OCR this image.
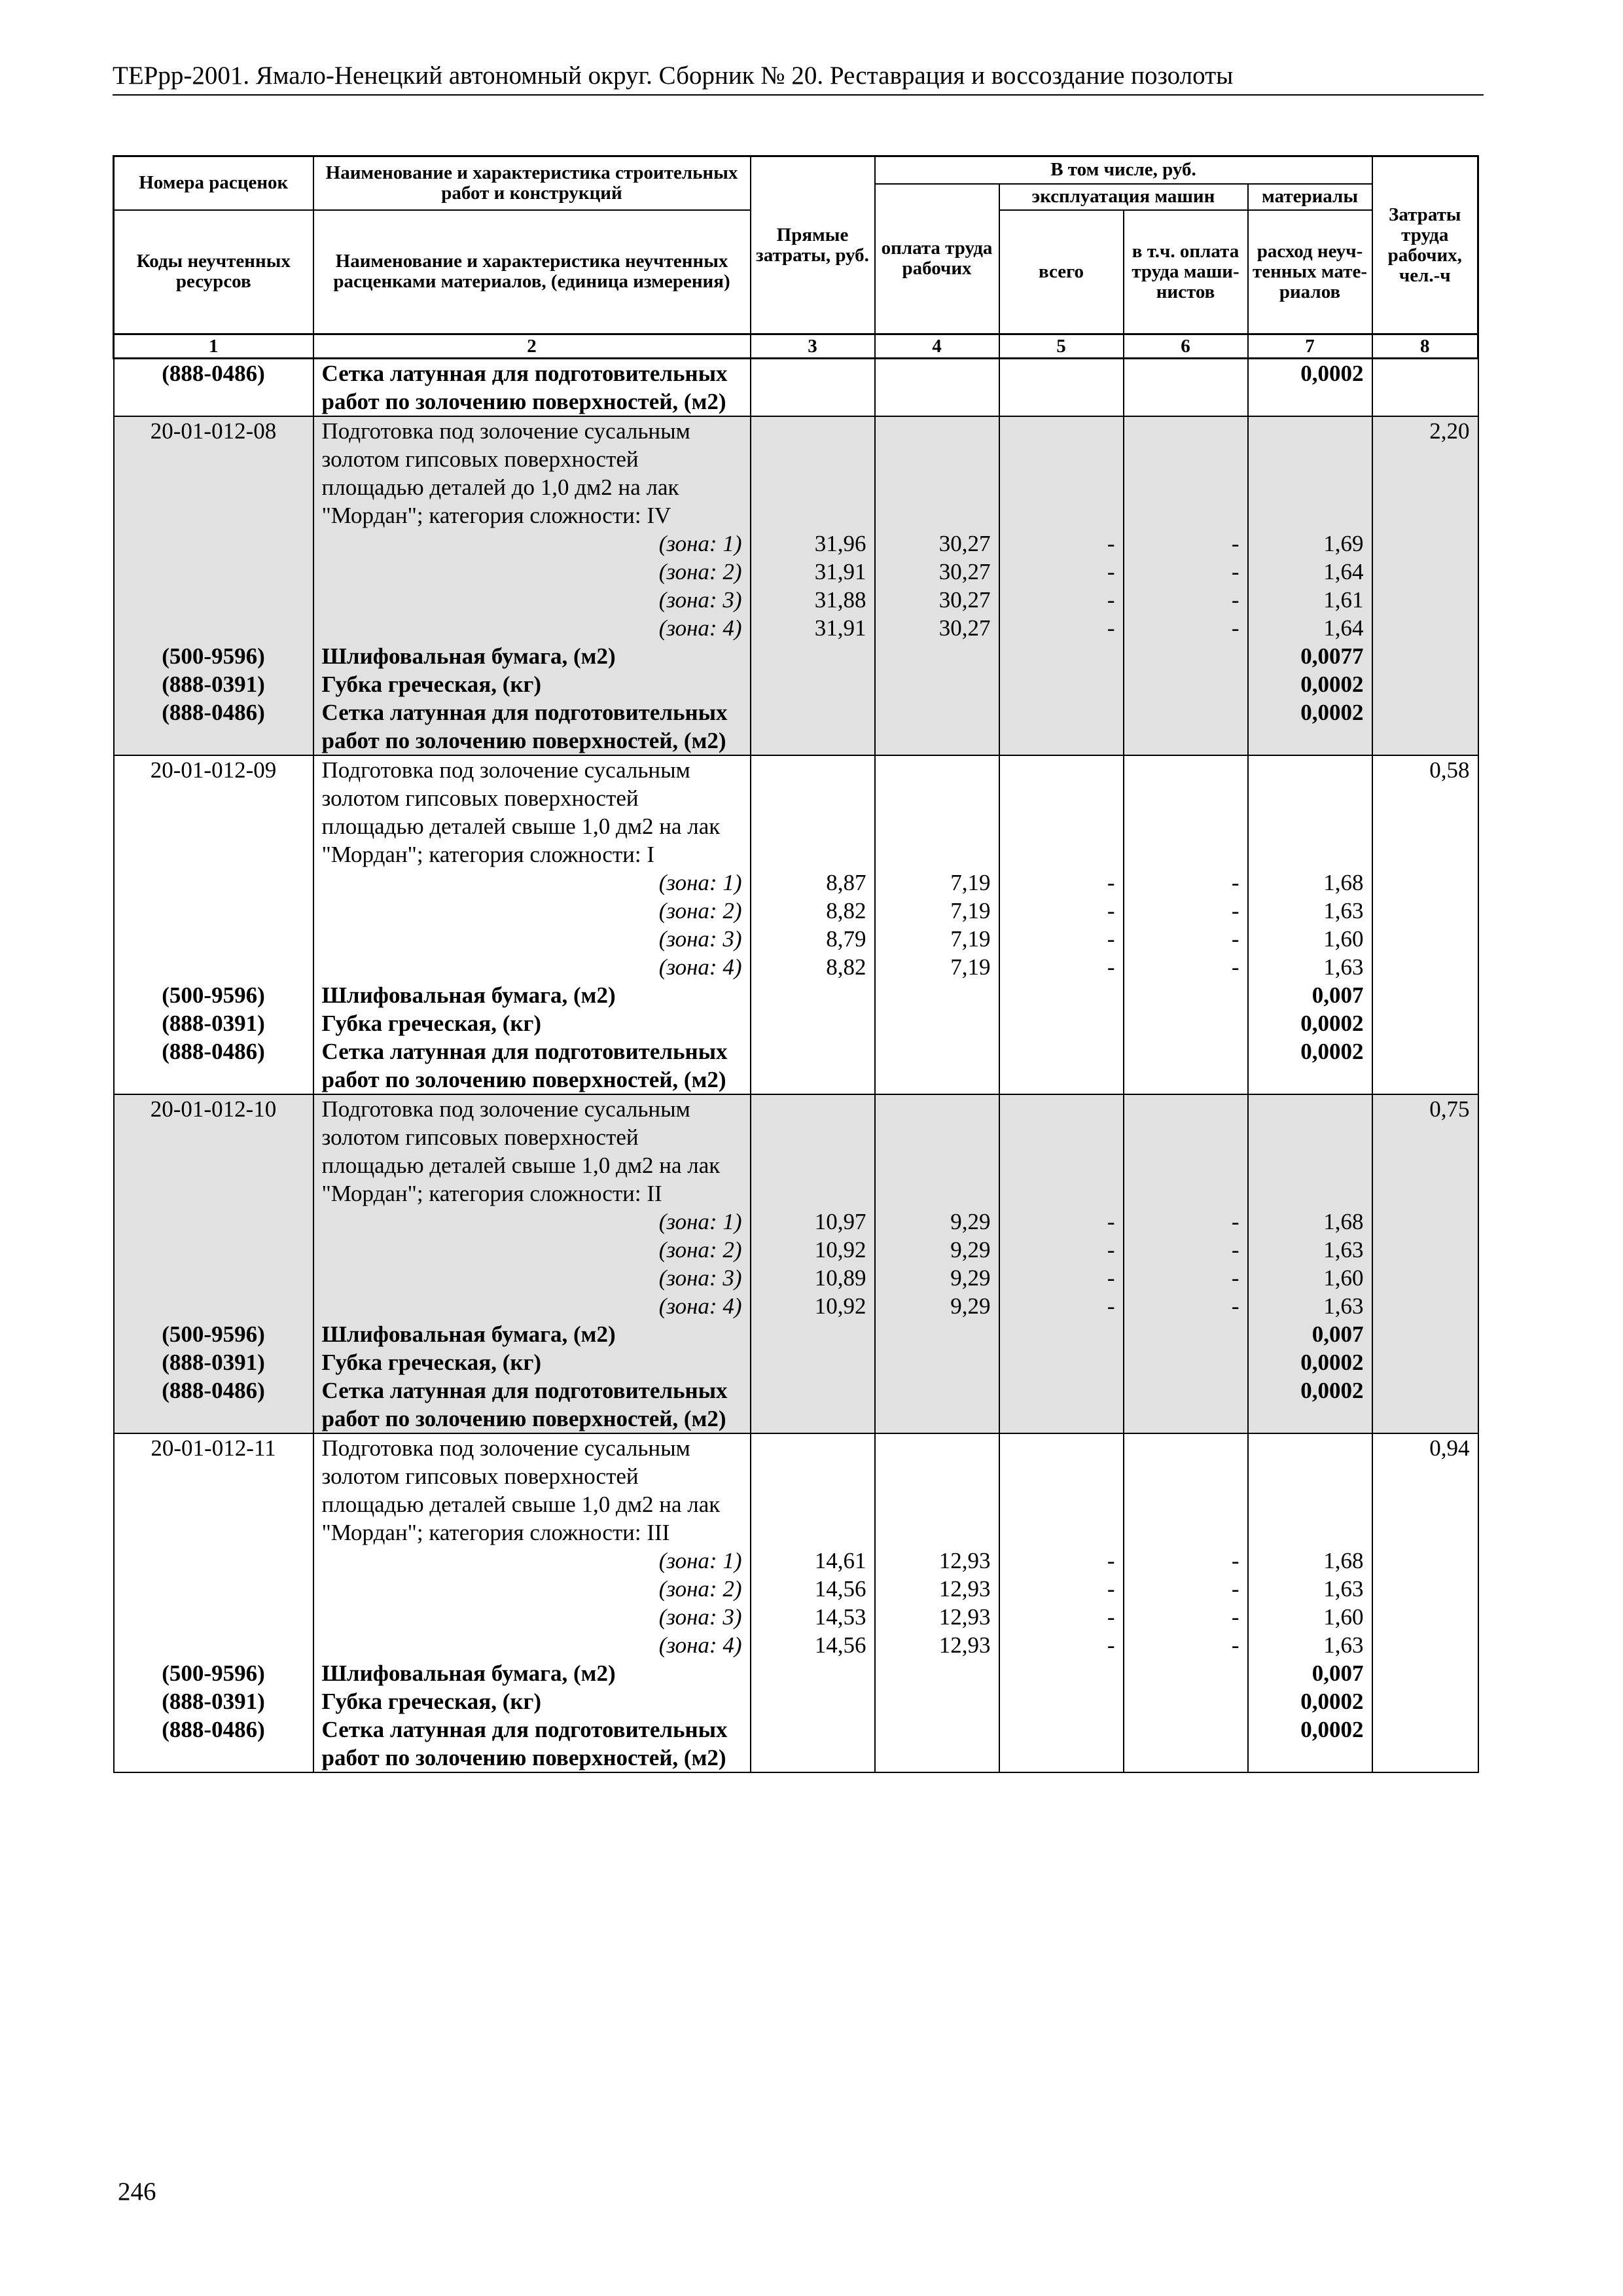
ТЕРрр-2001. Ямало-Ненецкий автономный округ. Сборник № 20. Реставрация и воссоздание позолоты
Номера расценок	Наименование и характеристика строительных работ и конструкций	Прямые затраты, руб.	В том числе, руб.				Затраты труда рабочих, чел.-ч
			оплата труда рабочих	эксплуатация машин		материалы	
Коды неучтенных ресурсов	Наименование и характеристика неучтенных расценками материалов, (единица измерения)			всего	в т.ч. оплата труда маши-нистов	расход неуч-тенных мате-риалов	
1	2	3	4	5	6	7	8
(888-0486)	Сетка латунная для подготовительных работ по золочению поверхностей, (м2)					0,0002	
20-01-012-08	Подготовка под золочение сусальным золотом гипсовых поверхностей площадью деталей до 1,0 дм2 на лак "Мордан"; категория сложности: IV						2,20
	(зона: 1)	31,96	30,27	-	-	1,69	
	(зона: 2)	31,91	30,27	-	-	1,64	
	(зона: 3)	31,88	30,27	-	-	1,61	
	(зона: 4)	31,91	30,27	-	-	1,64	
(500-9596)	Шлифовальная бумага, (м2)					0,0077	
(888-0391)	Губка греческая, (кг)					0,0002	
(888-0486)	Сетка латунная для подготовительных работ по золочению поверхностей, (м2)					0,0002	
20-01-012-09	Подготовка под золочение сусальным золотом гипсовых поверхностей площадью деталей свыше 1,0 дм2 на лак "Мордан"; категория сложности: I						0,58
	(зона: 1)	8,87	7,19	-	-	1,68	
	(зона: 2)	8,82	7,19	-	-	1,63	
	(зона: 3)	8,79	7,19	-	-	1,60	
	(зона: 4)	8,82	7,19	-	-	1,63	
(500-9596)	Шлифовальная бумага, (м2)					0,007	
(888-0391)	Губка греческая, (кг)					0,0002	
(888-0486)	Сетка латунная для подготовительных работ по золочению поверхностей, (м2)					0,0002	
20-01-012-10	Подготовка под золочение сусальным золотом гипсовых поверхностей площадью деталей свыше 1,0 дм2 на лак "Мордан"; категория сложности: II						0,75
	(зона: 1)	10,97	9,29	-	-	1,68	
	(зона: 2)	10,92	9,29	-	-	1,63	
	(зона: 3)	10,89	9,29	-	-	1,60	
	(зона: 4)	10,92	9,29	-	-	1,63	
(500-9596)	Шлифовальная бумага, (м2)					0,007	
(888-0391)	Губка греческая, (кг)					0,0002	
(888-0486)	Сетка латунная для подготовительных работ по золочению поверхностей, (м2)					0,0002	
20-01-012-11	Подготовка под золочение сусальным золотом гипсовых поверхностей площадью деталей свыше 1,0 дм2 на лак "Мордан"; категория сложности: III						0,94
	(зона: 1)	14,61	12,93	-	-	1,68	
	(зона: 2)	14,56	12,93	-	-	1,63	
	(зона: 3)	14,53	12,93	-	-	1,60	
	(зона: 4)	14,56	12,93	-	-	1,63	
(500-9596)	Шлифовальная бумага, (м2)					0,007	
(888-0391)	Губка греческая, (кг)					0,0002	
(888-0486)	Сетка латунная для подготовительных работ по золочению поверхностей, (м2)					0,0002	
246
